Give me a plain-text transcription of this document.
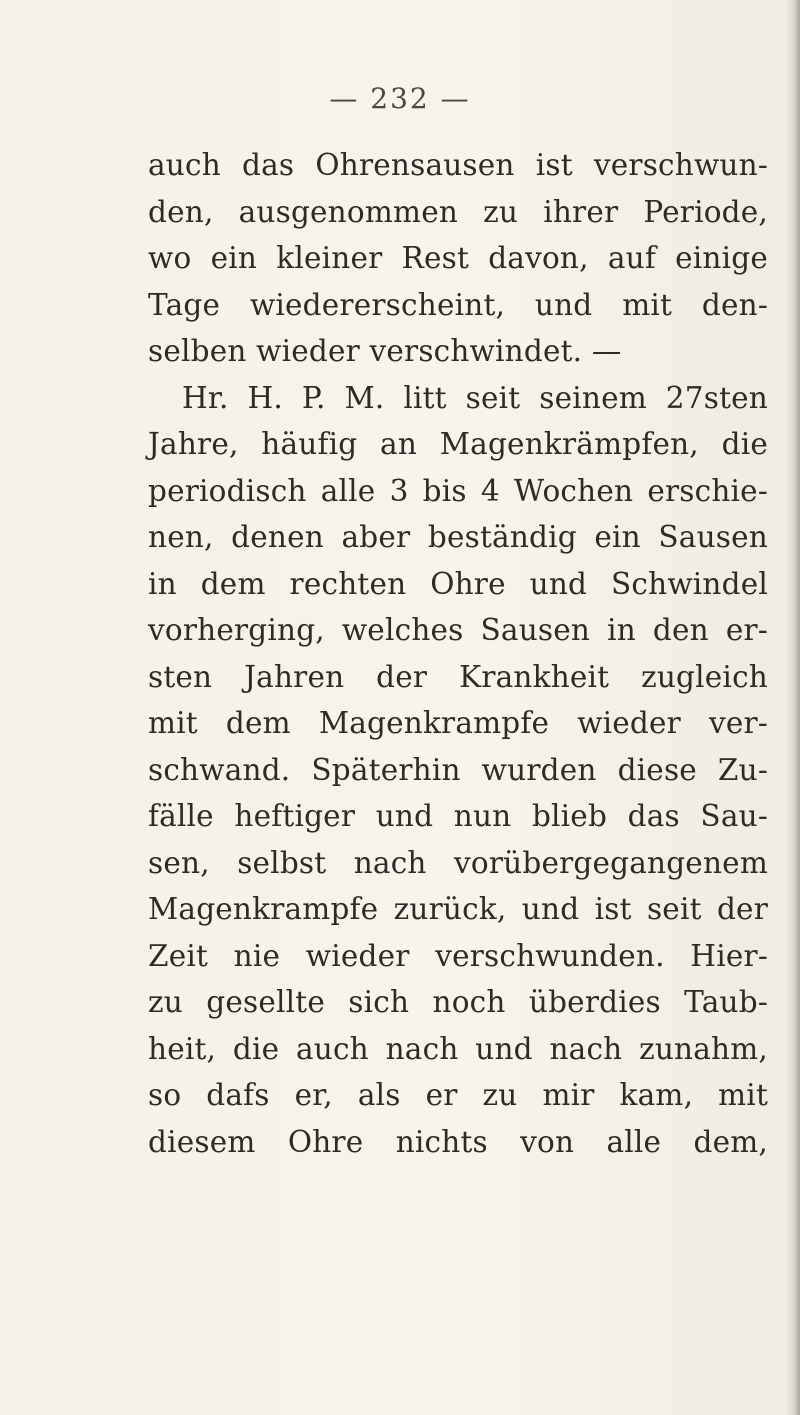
— 232 —
auch das Ohrensausen ist verschwun-
den, ausgenommen zu ihrer Periode,
wo ein kleiner Rest davon, auf einige
Tage wiedererscheint, und mit den-
selben wieder verschwindet. —
Hr. H. P. M. litt seit seinem 27sten
Jahre, häufig an Magenkrämpfen, die
periodisch alle 3 bis 4 Wochen erschie-
nen, denen aber beständig ein Sausen
in dem rechten Ohre und Schwindel
vorherging, welches Sausen in den er-
sten Jahren der Krankheit zugleich
mit dem Magenkrampfe wieder ver-
schwand. Späterhin wurden diese Zu-
fälle heftiger und nun blieb das Sau-
sen, selbst nach vorübergegangenem
Magenkrampfe zurück, und ist seit der
Zeit nie wieder verschwunden. Hier-
zu gesellte sich noch überdies Taub-
heit, die auch nach und nach zunahm,
so dafs er, als er zu mir kam, mit
diesem Ohre nichts von alle dem,
